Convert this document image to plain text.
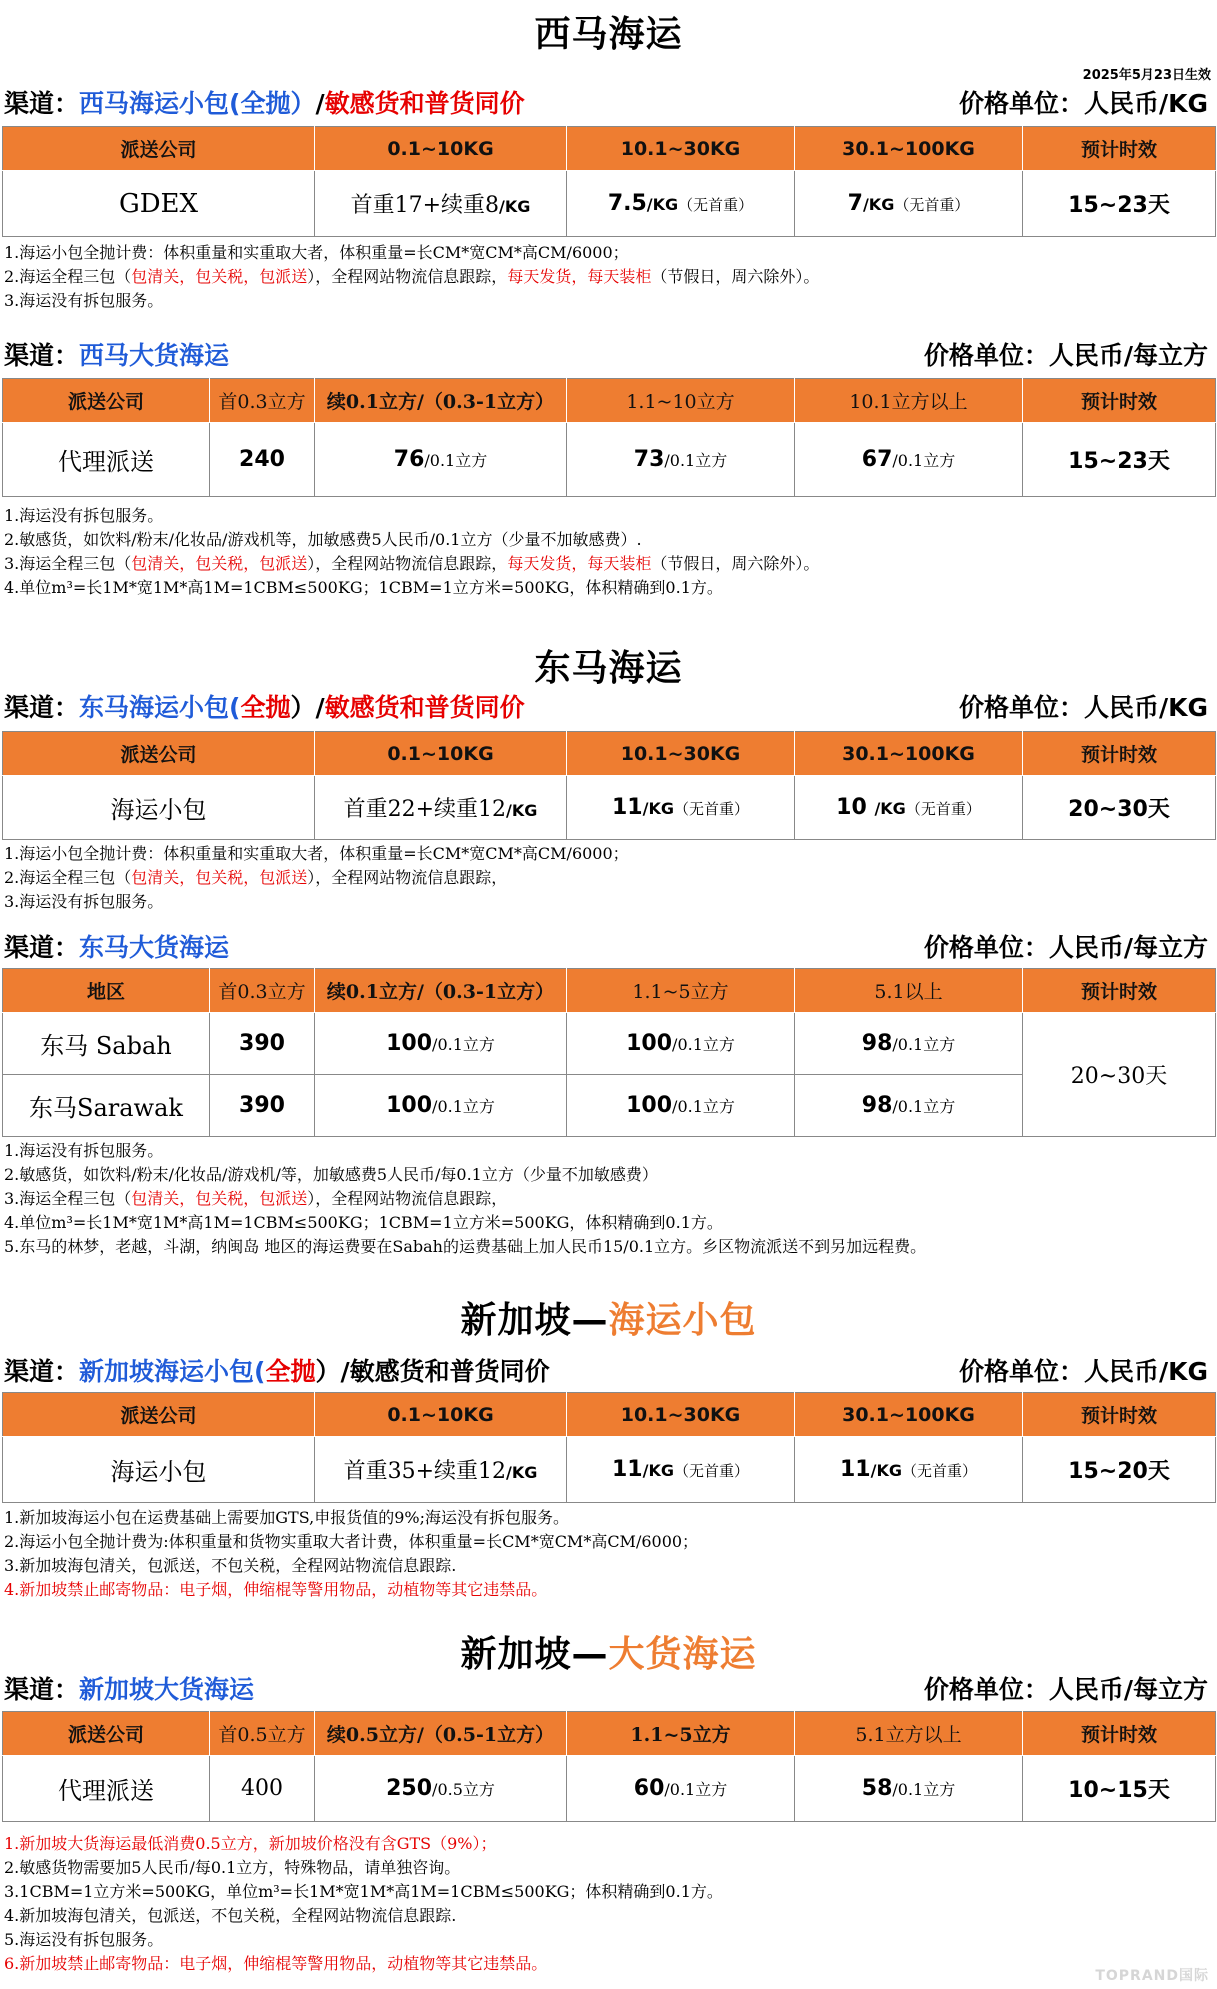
西马海运
2025年5月23日生效
渠道：西马海运小包(全抛）/敏感货和普货同价	价格单位：人民币/KG
派送公司	0.1~10KG	10.1~30KG	30.1~100KG	预计时效
GDEX	首重17+续重8/KG	7.5/KG（无首重）	7/KG（无首重）	15~23天
1.海运小包全抛计费：体积重量和实重取大者，体积重量=长CM*宽CM*高CM/6000；
2.海运全程三包（包清关，包关税，包派送），全程网站物流信息跟踪，每天发货，每天装柜（节假日，周六除外）。
3.海运没有拆包服务。
渠道：西马大货海运	价格单位：人民币/每立方
派送公司	首0.3立方	续0.1立方/（0.3-1立方）	1.1~10立方	10.1立方以上	预计时效
代理派送	240	76/0.1立方	73/0.1立方	67/0.1立方	15~23天
1.海运没有拆包服务。
2.敏感货，如饮料/粉末/化妆品/游戏机等，加敏感费5人民币/0.1立方（少量不加敏感费）.
3.海运全程三包（包清关，包关税，包派送），全程网站物流信息跟踪，每天发货，每天装柜（节假日，周六除外）。
4.单位m³=长1M*宽1M*高1M=1CBM≤500KG；1CBM=1立方米=500KG，体积精确到0.1方。
东马海运
渠道：东马海运小包(全抛）/敏感货和普货同价	价格单位：人民币/KG
派送公司	0.1~10KG	10.1~30KG	30.1~100KG	预计时效
海运小包	首重22+续重12/KG	11/KG（无首重）	10 /KG（无首重）	20~30天
1.海运小包全抛计费：体积重量和实重取大者，体积重量=长CM*宽CM*高CM/6000；
2.海运全程三包（包清关，包关税，包派送），全程网站物流信息跟踪，
3.海运没有拆包服务。
渠道：东马大货海运	价格单位：人民币/每立方
地区	首0.3立方	续0.1立方/（0.3-1立方）	1.1~5立方	5.1以上	预计时效
东马 Sabah	390	100/0.1立方	100/0.1立方	98/0.1立方	20~30天
东马Sarawak	390	100/0.1立方	100/0.1立方	98/0.1立方	
1.海运没有拆包服务。
2.敏感货，如饮料/粉末/化妆品/游戏机/等，加敏感费5人民币/每0.1立方（少量不加敏感费）
3.海运全程三包（包清关，包关税，包派送），全程网站物流信息跟踪，
4.单位m³=长1M*宽1M*高1M=1CBM≤500KG；1CBM=1立方米=500KG，体积精确到0.1方。
5.东马的林梦，老越，斗湖，纳闽岛 地区的海运费要在Sabah的运费基础上加人民币15/0.1立方。乡区物流派送不到另加远程费。
新加坡—海运小包
渠道：新加坡海运小包(全抛）/敏感货和普货同价	价格单位：人民币/KG
派送公司	0.1~10KG	10.1~30KG	30.1~100KG	预计时效
海运小包	首重35+续重12/KG	11/KG（无首重）	11/KG（无首重）	15~20天
1.新加坡海运小包在运费基础上需要加GTS,申报货值的9%;海运没有拆包服务。
2.海运小包全抛计费为:体积重量和货物实重取大者计费，体积重量=长CM*宽CM*高CM/6000；
3.新加坡海包清关，包派送，不包关税，全程网站物流信息跟踪.
4.新加坡禁止邮寄物品：电子烟，伸缩棍等警用物品，动植物等其它违禁品。
新加坡—大货海运
渠道：新加坡大货海运	价格单位：人民币/每立方
派送公司	首0.5立方	续0.5立方/（0.5-1立方）	1.1~5立方	5.1立方以上	预计时效
代理派送	400	250/0.5立方	60/0.1立方	58/0.1立方	10~15天
1.新加坡大货海运最低消费0.5立方，新加坡价格没有含GTS（9%）；
2.敏感货物需要加5人民币/每0.1立方，特殊物品，请单独咨询。
3.1CBM=1立方米=500KG，单位m³=长1M*宽1M*高1M=1CBM≤500KG；体积精确到0.1方。
4.新加坡海包清关，包派送，不包关税，全程网站物流信息跟踪.
5.海运没有拆包服务。
6.新加坡禁止邮寄物品：电子烟，伸缩棍等警用物品，动植物等其它违禁品。
TOPRAND国际
